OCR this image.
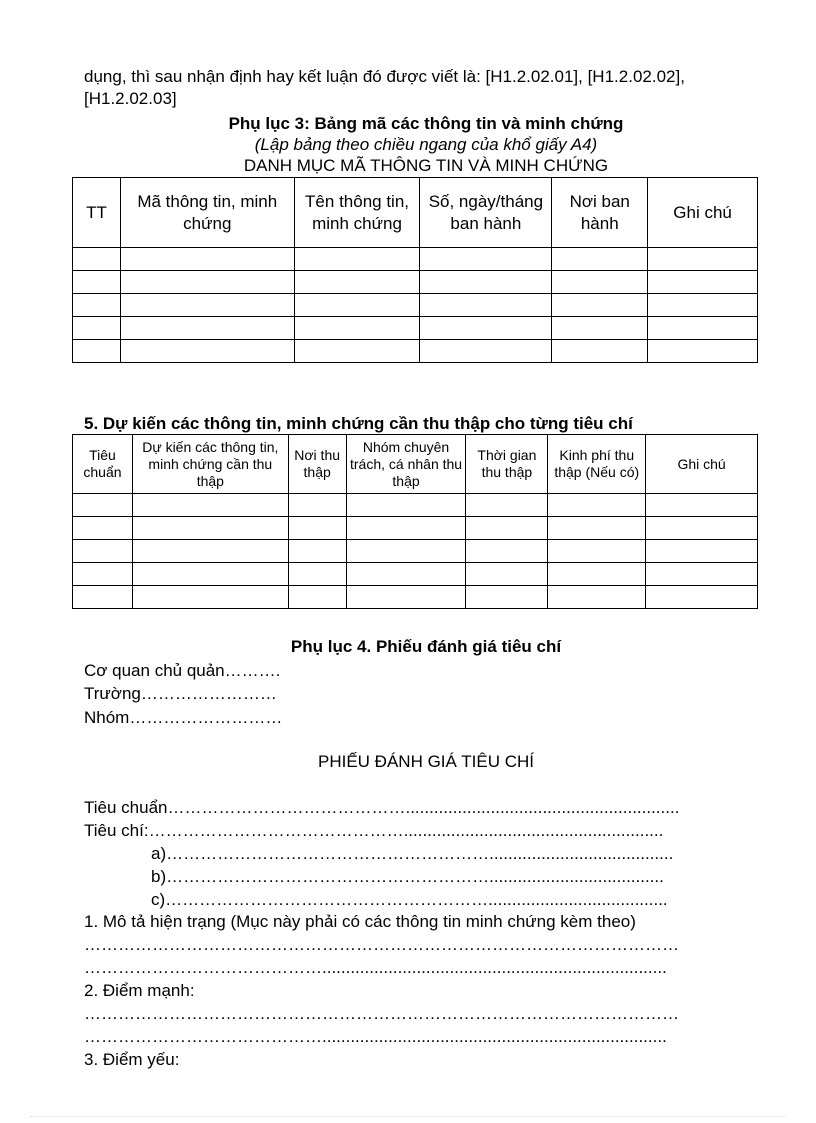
dụng, thì sau nhận định hay kết luận đó được viết là: [H1.2.02.01], [H1.2.02.02],
[H1.2.02.03]
Phụ lục 3: Bảng mã các thông tin và minh chứng
(Lập bảng theo chiều ngang của khổ giấy A4)
DANH MỤC MÃ THÔNG TIN VÀ MINH CHỨNG
TT	Mã thông tin, minh chứng	Tên thông tin, minh chứng	Số, ngày/tháng ban hành	Nơi ban hành	Ghi chú

5. Dự kiến các thông tin, minh chứng cần thu thập cho từng tiêu chí
Tiêu chuẩn	Dự kiến các thông tin, minh chứng cần thu thập	Nơi thu thập	Nhóm chuyên trách, cá nhân thu thập	Thời gian thu thập	Kinh phí thu thập (Nếu có)	Ghi chú

Phụ lục 4. Phiếu đánh giá tiêu chí
Cơ quan chủ quản……….
Trường……………………
Nhóm………………………
PHIẾU ĐÁNH GIÁ TIÊU CHÍ
Tiêu chuẩn……………………………………..........................................................
Tiêu chí:……………………………………….......................................................
a)………………………………………………….......................................
b)………………………………………………….....................................
c)…………………………………………………......................................
1. Mô tả hiện trạng (Mục này phải có các thông tin minh chứng kèm theo)
……………………………………………………………………………………………
…………………………………….........................................................................
2. Điểm mạnh:
……………………………………………………………………………………………
…………………………………….........................................................................
3. Điểm yếu:
